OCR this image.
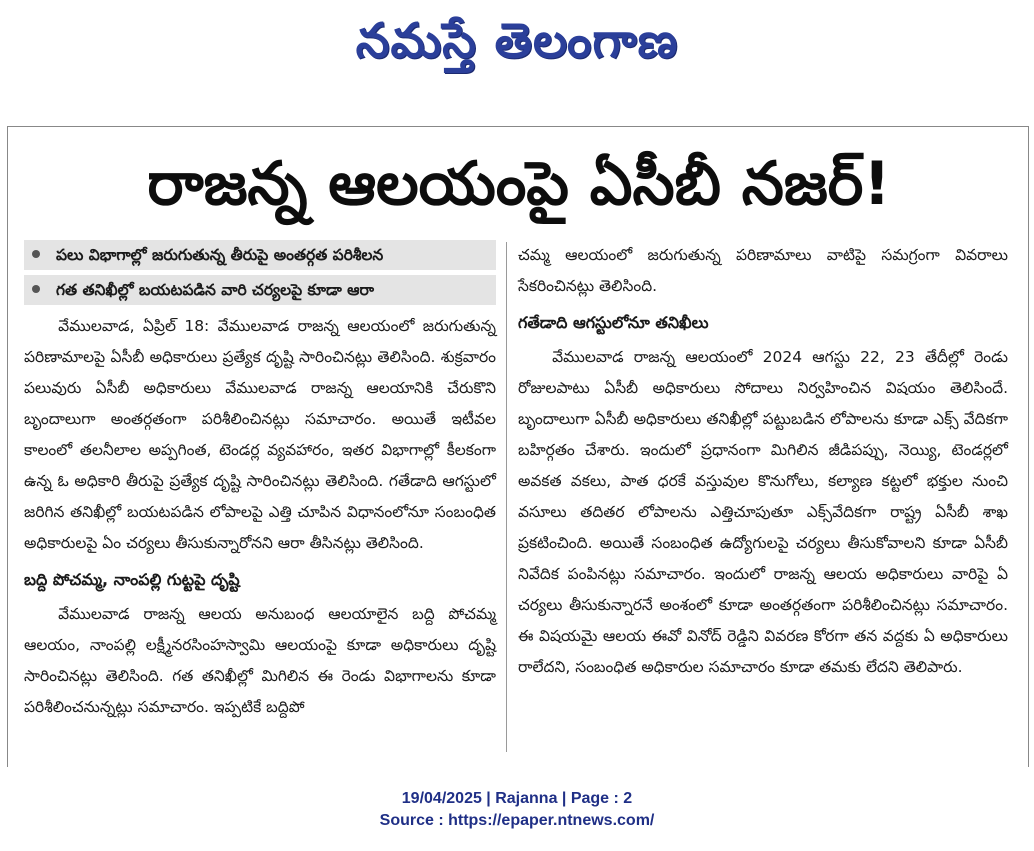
నమస్తే తెలంగాణ
రాజన్న ఆలయంపై ఏసీబీ నజర్!
పలు విభాగాల్లో జరుగుతున్న తీరుపై అంతర్గత పరిశీలన
గత తనిఖీల్లో బయటపడిన వారి చర్యలపై కూడా ఆరా

వేములవాడ, ఏప్రిల్ 18: వేములవాడ రాజన్న ఆలయంలో జరుగుతున్న పరిణామాలపై ఏసీబీ అధికారులు ప్రత్యేక దృష్టి సారించినట్లు తెలిసింది. శుక్రవారం పలువురు ఏసీబీ అధికారులు వేములవాడ రాజన్న ఆలయానికి చేరుకొని బృందాలుగా అంతర్గతంగా పరిశీలించినట్లు సమాచారం. అయితే ఇటీవల కాలంలో తలనీలాల అప్పగింత, టెండర్ల వ్యవహారం, ఇతర విభాగాల్లో కీలకంగా ఉన్న ఓ అధికారి తీరుపై ప్రత్యేక దృష్టి సారించినట్లు తెలిసింది. గతేడాది ఆగస్టులో జరిగిన తనిఖీల్లో బయటపడిన లోపాలపై ఎత్తి చూపిన విధానంలోనూ సంబంధిత అధికారులపై ఏం చర్యలు తీసుకున్నారోనని ఆరా తీసినట్లు తెలిసింది.

బద్ది పోచమ్మ, నాంపల్లి గుట్టపై దృష్టి

వేములవాడ రాజన్న ఆలయ అనుబంధ ఆలయాలైన బద్ది పోచమ్మ ఆలయం, నాంపల్లి లక్ష్మీనరసింహస్వామి ఆలయంపై కూడా అధికారులు దృష్టి సారించినట్లు తెలిసింది. గత తనిఖీల్లో మిగిలిన ఈ రెండు విభాగాలను కూడా పరిశీలించనున్నట్లు సమాచారం. ఇప్పటికే బద్దిపో

చమ్మ ఆలయంలో జరుగుతున్న పరిణామాలు వాటిపై సమగ్రంగా వివరాలు సేకరించినట్లు తెలిసింది.

గతేడాది ఆగస్టులోనూ తనిఖీలు

వేములవాడ రాజన్న ఆలయంలో 2024 ఆగస్టు 22, 23 తేదీల్లో రెండు రోజులపాటు ఏసీబీ అధికారులు సోదాలు నిర్వహించిన విషయం తెలిసిందే. బృందాలుగా ఏసీబీ అధికారులు తనిఖీల్లో పట్టుబడిన లోపాలను కూడా ఎక్స్ వేదికగా బహిర్గతం చేశారు. ఇందులో ప్రధానంగా మిగిలిన జీడిపప్పు, నెయ్యి, టెండర్లలో అవకత వకలు, పాత ధరకే వస్తువుల కొనుగోలు, కల్యాణ కట్టలో భక్తుల నుంచి వసూలు తదితర లోపాలను ఎత్తిచూపుతూ ఎక్స్‌వేదికగా రాష్ట్ర ఏసీబీ శాఖ ప్రకటించింది. అయితే సంబంధిత ఉద్యోగులపై చర్యలు తీసుకోవాలని కూడా ఏసీబీ నివేదిక పంపినట్లు సమాచారం. ఇందులో రాజన్న ఆలయ అధికారులు వారిపై ఏ చర్యలు తీసుకున్నారనే అంశంలో కూడా అంతర్గతంగా పరిశీలించినట్లు సమాచారం. ఈ విషయమై ఆలయ ఈవో వినోద్ రెడ్డిని వివరణ కోరగా తన వద్దకు ఏ అధికారులు రాలేదని, సంబంధిత అధికారుల సమాచారం కూడా తమకు లేదని తెలిపారు.

19/04/2025 | Rajanna | Page : 2
Source : https://epaper.ntnews.com/
